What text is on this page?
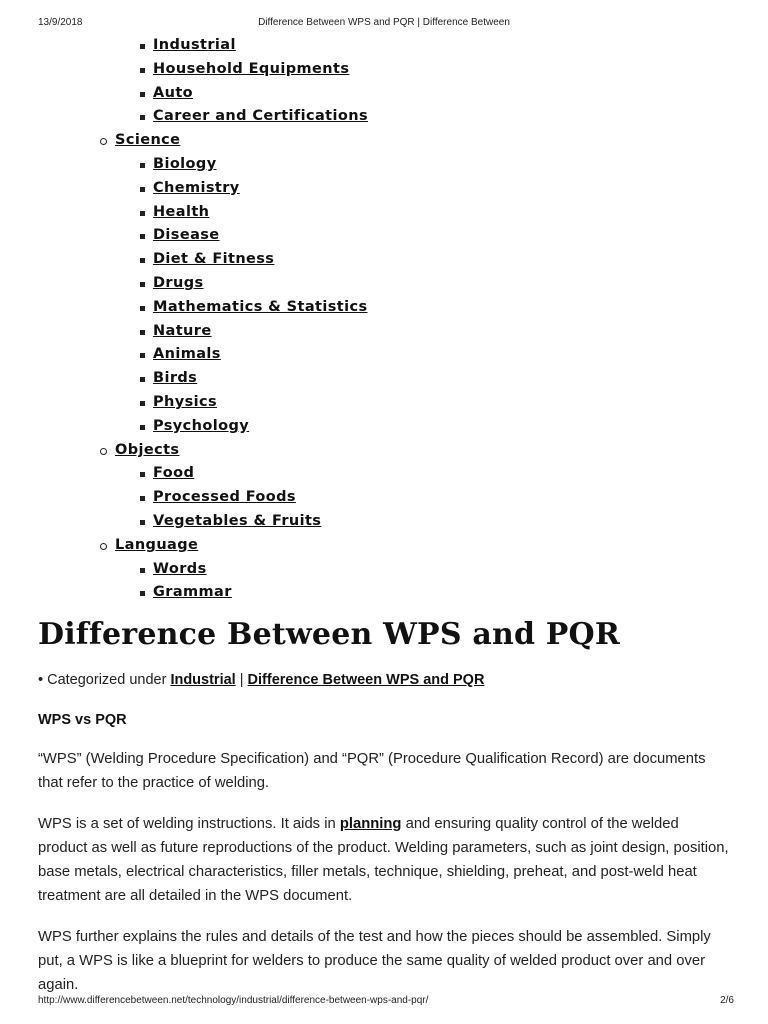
13/9/2018	Difference Between WPS and PQR | Difference Between
Industrial
Household Equipments
Auto
Career and Certifications
Science
Biology
Chemistry
Health
Disease
Diet & Fitness
Drugs
Mathematics & Statistics
Nature
Animals
Birds
Physics
Psychology
Objects
Food
Processed Foods
Vegetables & Fruits
Language
Words
Grammar
Difference Between WPS and PQR
• Categorized under Industrial | Difference Between WPS and PQR
WPS vs PQR

“WPS” (Welding Procedure Specification) and “PQR” (Procedure Qualification Record) are documents that refer to the practice of welding.

WPS is a set of welding instructions. It aids in planning and ensuring quality control of the welded product as well as future reproductions of the product. Welding parameters, such as joint design, position, base metals, electrical characteristics, filler metals, technique, shielding, preheat, and post-weld heat treatment are all detailed in the WPS document.

WPS further explains the rules and details of the test and how the pieces should be assembled. Simply put, a WPS is like a blueprint for welders to produce the same quality of welded product over and over again.

http://www.differencebetween.net/technology/industrial/difference-between-wps-and-pqr/	2/6
